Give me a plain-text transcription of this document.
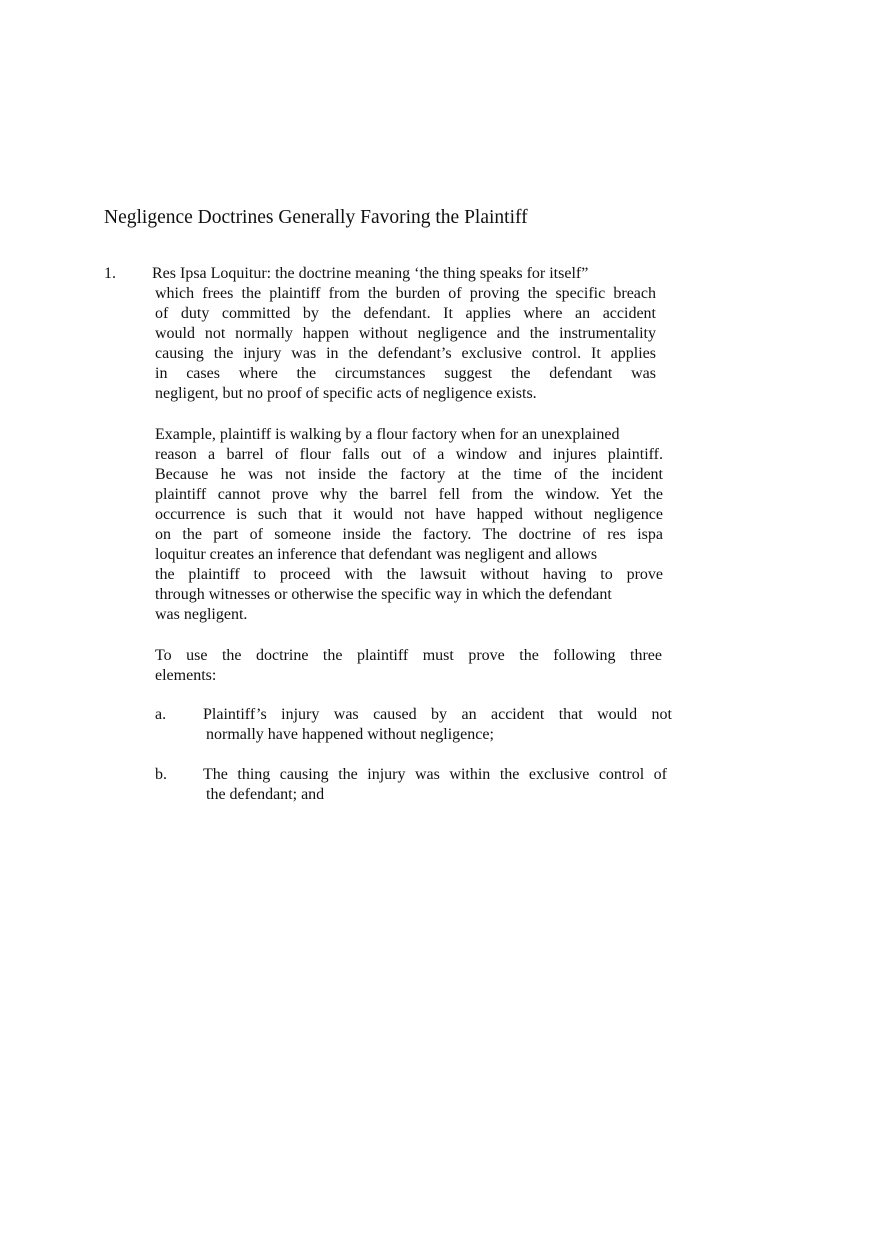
Negligence Doctrines Generally Favoring the Plaintiff
1. Res Ipsa Loquitur: the doctrine meaning ‘the thing speaks for itself”
which frees the plaintiff from the burden of proving the specific breach
of duty committed by the defendant. It applies where an accident
would not normally happen without negligence and the instrumentality
causing the injury was in the defendant’s exclusive control. It applies
in cases where the circumstances suggest the defendant was
negligent, but no proof of specific acts of negligence exists.
Example, plaintiff is walking by a flour factory when for an unexplained
reason a barrel of flour falls out of a window and injures plaintiff.
Because he was not inside the factory at the time of the incident
plaintiff cannot prove why the barrel fell from the window. Yet the
occurrence is such that it would not have happed without negligence
on the part of someone inside the factory. The doctrine of res ispa
loquitur creates an inference that defendant was negligent and allows
the plaintiff to proceed with the lawsuit without having to prove
through witnesses or otherwise the specific way in which the defendant
was negligent.
To use the doctrine the plaintiff must prove the following three
elements:
a. Plaintiff’s injury was caused by an accident that would not
normally have happened without negligence;
b. The thing causing the injury was within the exclusive control of
the defendant; and
